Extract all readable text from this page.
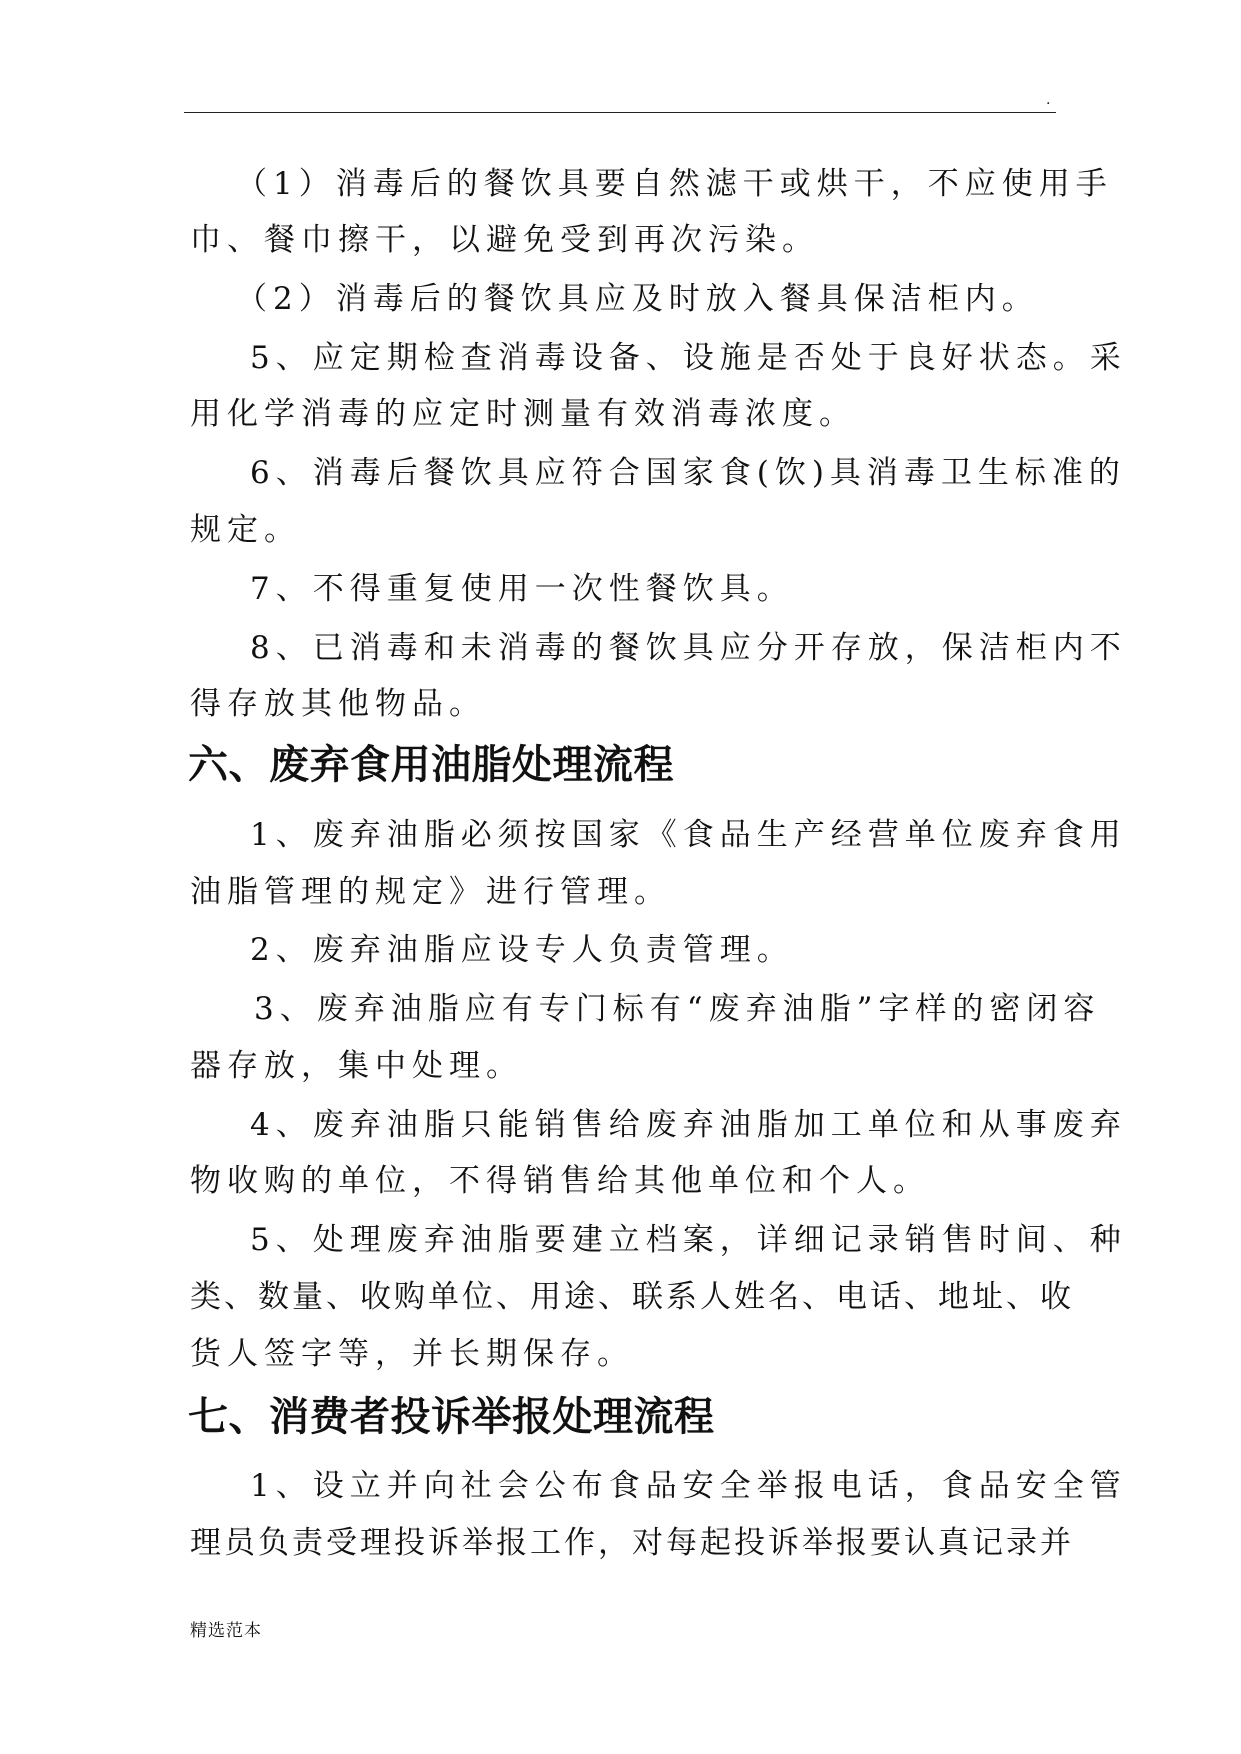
.

（1）消毒后的餐饮具要自然滤干或烘干，不应使用手

巾、餐巾擦干，以避免受到再次污染。

（2）消毒后的餐饮具应及时放入餐具保洁柜内。

5、应定期检查消毒设备、设施是否处于良好状态。采

用化学消毒的应定时测量有效消毒浓度。

6、消毒后餐饮具应符合国家食(饮)具消毒卫生标准的

规定。

7、不得重复使用一次性餐饮具。

8、已消毒和未消毒的餐饮具应分开存放，保洁柜内不

得存放其他物品。

六、废弃食用油脂处理流程

1、废弃油脂必须按国家《食品生产经营单位废弃食用

油脂管理的规定》进行管理。

2、废弃油脂应设专人负责管理。

3、废弃油脂应有专门标有“废弃油脂”字样的密闭容

器存放，集中处理。

4、废弃油脂只能销售给废弃油脂加工单位和从事废弃

物收购的单位，不得销售给其他单位和个人。

5、处理废弃油脂要建立档案，详细记录销售时间、种

类、数量、收购单位、用途、联系人姓名、电话、地址、收

货人签字等，并长期保存。

七、消费者投诉举报处理流程

1、设立并向社会公布食品安全举报电话，食品安全管

理员负责受理投诉举报工作，对每起投诉举报要认真记录并

精选范本
